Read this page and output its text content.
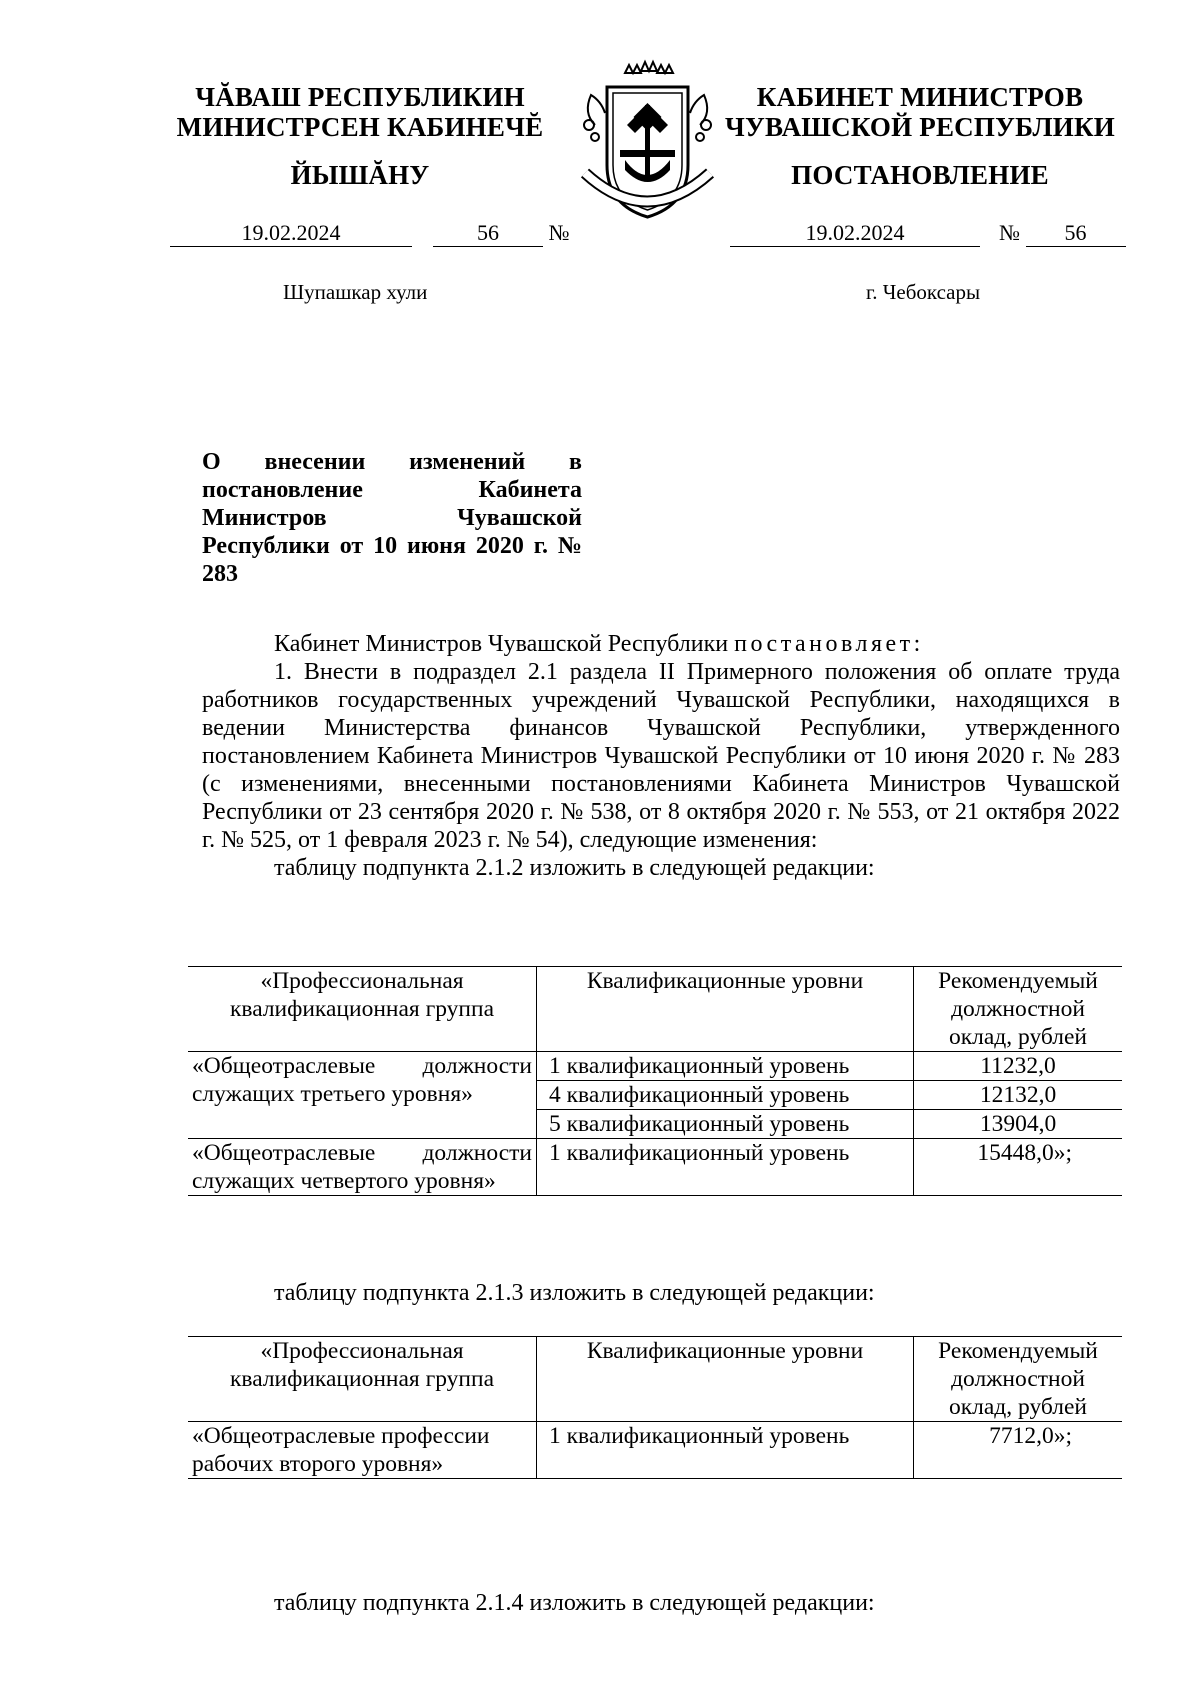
ЧĂВАШ РЕСПУБЛИКИН
МИНИСТРСЕН КАБИНЕЧĔ
ЙЫШĂНУ
КАБИНЕТ МИНИСТРОВ
ЧУВАШСКОЙ РЕСПУБЛИКИ
ПОСТАНОВЛЕНИЕ
19.02.2024	56 №	19.02.2024	№ 56
Шупашкар хули	г. Чебоксары
О внесении изменений в постановление Кабинета Министров Чувашской Республики от 10 июня 2020 г. № 283

Кабинет Министров Чувашской Республики постановляет:

1. Внести в подраздел 2.1 раздела II Примерного положения об оплате труда работников государственных учреждений Чувашской Республики, находящихся в ведении Министерства финансов Чувашской Республики, утвержденного постановлением Кабинета Министров Чувашской Республики от 10 июня 2020 г. № 283 (с изменениями, внесенными постановлениями Кабинета Министров Чувашской Республики от 23 сентября 2020 г. № 538, от 8 октября 2020 г. № 553, от 21 октября 2022 г. № 525, от 1 февраля 2023 г. № 54), следующие изменения:

таблицу подпункта 2.1.2 изложить в следующей редакции:

«Профессиональная квалификационная группа	Квалификационные уровни	Рекомендуемый должностной оклад, рублей
«Общеотраслевые должности служащих третьего уровня»	1 квалификационный уровень	11232,0
	4 квалификационный уровень	12132,0
	5 квалификационный уровень	13904,0
«Общеотраслевые должности служащих четвертого уровня»	1 квалификационный уровень	15448,0»;
таблицу подпункта 2.1.3 изложить в следующей редакции:
«Профессиональная квалификационная группа	Квалификационные уровни	Рекомендуемый должностной оклад, рублей
«Общеотраслевые профессии рабочих второго уровня»	1 квалификационный уровень	7712,0»;
таблицу подпункта 2.1.4 изложить в следующей редакции:
